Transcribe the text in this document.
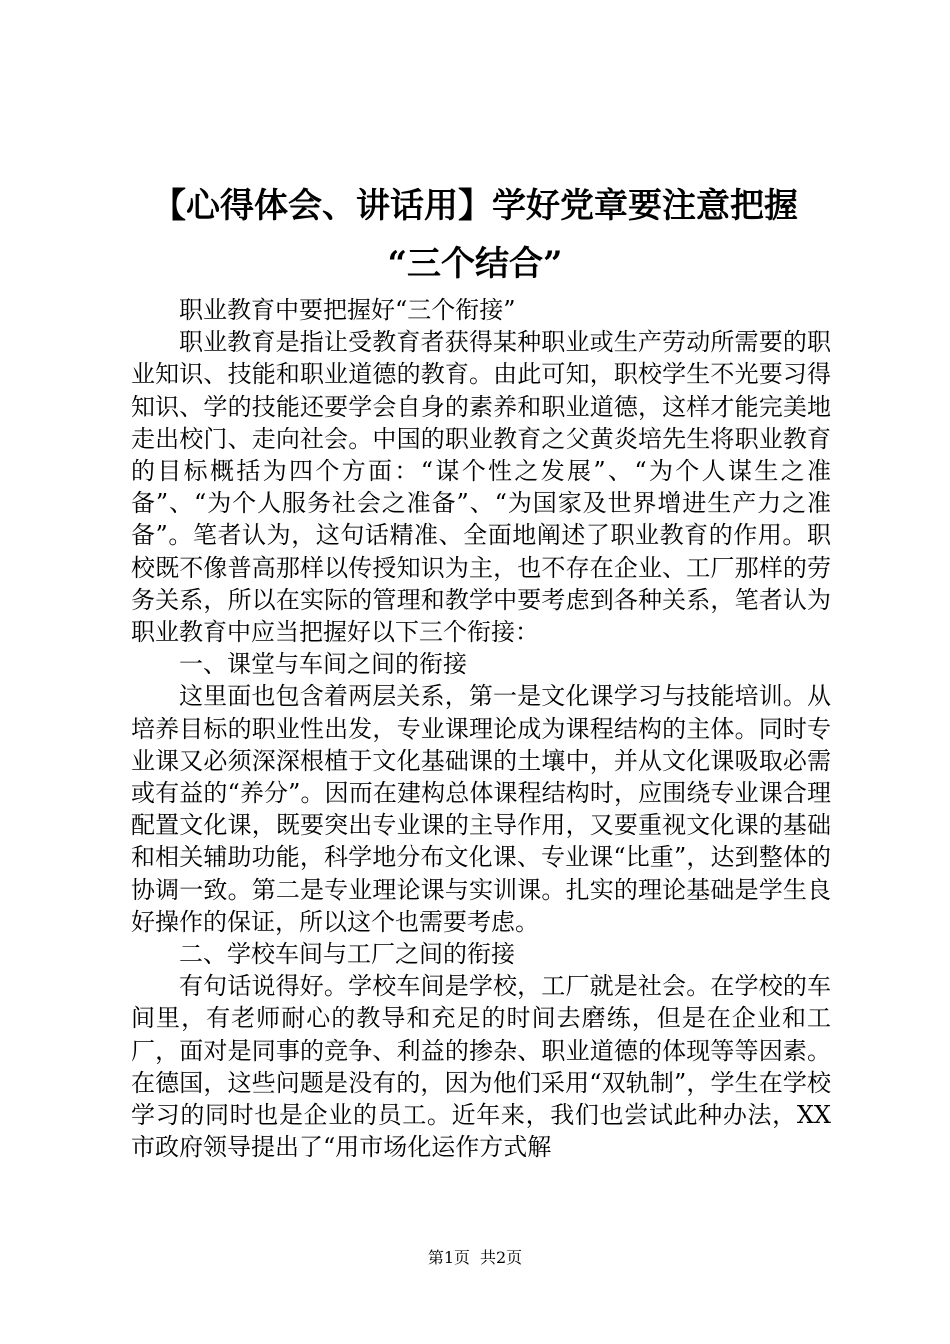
【心得体会、讲话用】学好党章要注意把握
“三个结合”

职业教育中要把握好“三个衔接”

职业教育是指让受教育者获得某种职业或生产劳动所需要的职业知识、技能和职业道德的教育。由此可知，职校学生不光要习得知识、学的技能还要学会自身的素养和职业道德，这样才能完美地走出校门、走向社会。中国的职业教育之父黄炎培先生将职业教育的目标概括为四个方面：“谋个性之发展”、“为个人谋生之准备”、“为个人服务社会之准备”、“为国家及世界增进生产力之准备”。笔者认为，这句话精准、全面地阐述了职业教育的作用。职校既不像普高那样以传授知识为主，也不存在企业、工厂那样的劳务关系，所以在实际的管理和教学中要考虑到各种关系，笔者认为职业教育中应当把握好以下三个衔接：

一、课堂与车间之间的衔接

这里面也包含着两层关系，第一是文化课学习与技能培训。从培养目标的职业性出发，专业课理论成为课程结构的主体。同时专业课又必须深深根植于文化基础课的土壤中，并从文化课吸取必需或有益的“养分”。因而在建构总体课程结构时，应围绕专业课合理配置文化课，既要突出专业课的主导作用，又要重视文化课的基础和相关辅助功能，科学地分布文化课、专业课“比重”，达到整体的协调一致。第二是专业理论课与实训课。扎实的理论基础是学生良好操作的保证，所以这个也需要考虑。

二、学校车间与工厂之间的衔接

有句话说得好。学校车间是学校，工厂就是社会。在学校的车间里，有老师耐心的教导和充足的时间去磨练，但是在企业和工厂，面对是同事的竞争、利益的掺杂、职业道德的体现等等因素。在德国，这些问题是没有的，因为他们采用“双轨制”，学生在学校学习的同时也是企业的员工。近年来，我们也尝试此种办法，XX市政府领导提出了“用市场化运作方式解

第1页 共2页
